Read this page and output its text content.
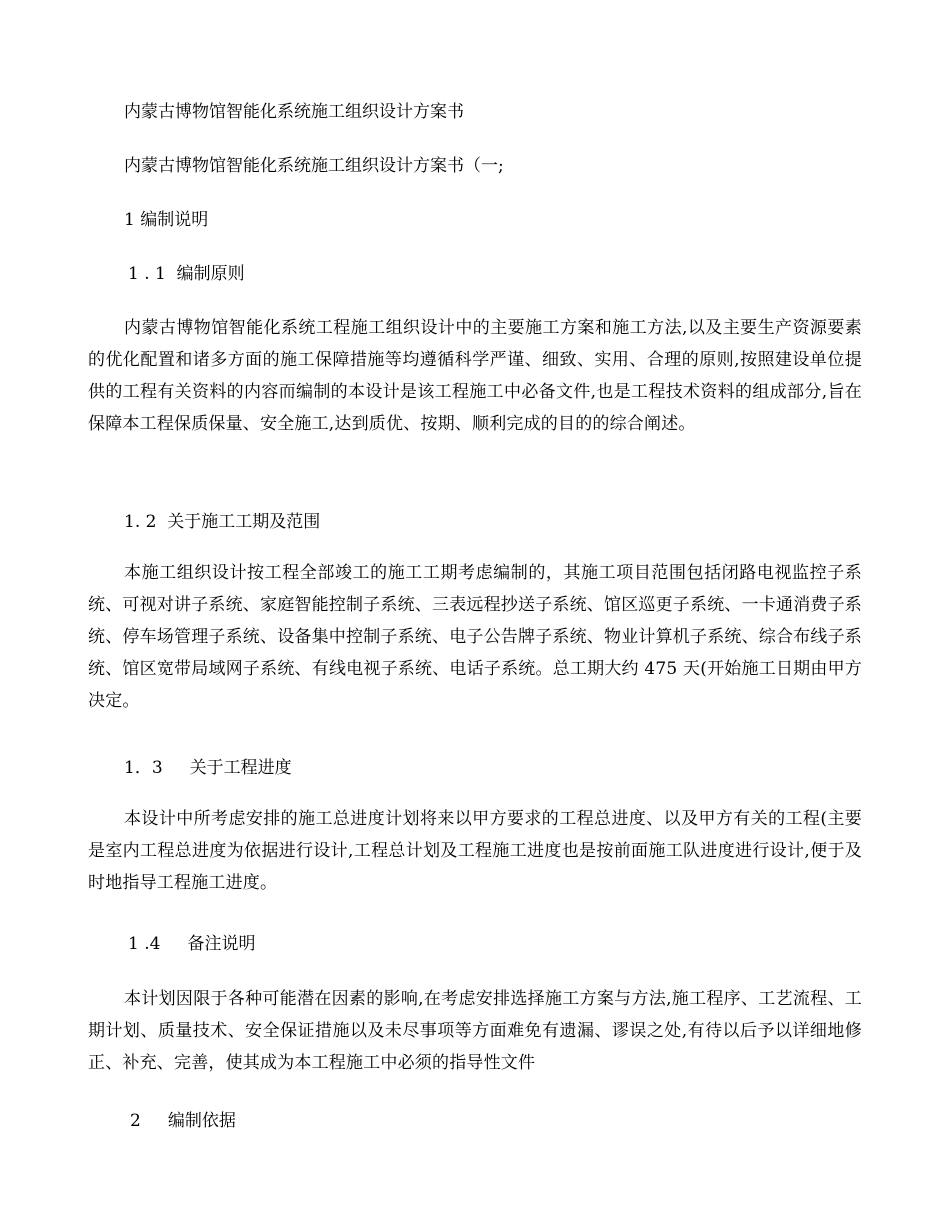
内蒙古博物馆智能化系统施工组织设计方案书

内蒙古博物馆智能化系统施工组织设计方案书（一;

1 编制说明

1 . 1  编制原则

内蒙古博物馆智能化系统工程施工组织设计中的主要施工方案和施工方法,以及主要生产资源要素的优化配置和诸多方面的施工保障措施等均遵循科学严谨、细致、实用、合理的原则,按照建设单位提供的工程有关资料的内容而编制的本设计是该工程施工中必备文件,也是工程技术资料的组成部分,旨在保障本工程保质保量、安全施工,达到质优、按期、顺利完成的目的的综合阐述。

1. 2  关于施工工期及范围

本施工组织设计按工程全部竣工的施工工期考虑编制的，其施工项目范围包括闭路电视监控子系统、可视对讲子系统、家庭智能控制子系统、三表远程抄送子系统、馆区巡更子系统、一卡通消费子系统、停车场管理子系统、设备集中控制子系统、电子公告牌子系统、物业计算机子系统、综合布线子系统、馆区宽带局域网子系统、有线电视子系统、电话子系统。总工期大约 475 天(开始施工日期由甲方决定。

1．3     关于工程进度

本设计中所考虑安排的施工总进度计划将来以甲方要求的工程总进度、以及甲方有关的工程(主要是室内工程总进度为依据进行设计,工程总计划及工程施工进度也是按前面施工队进度进行设计,便于及时地指导工程施工进度。

1 .4     备注说明

本计划因限于各种可能潜在因素的影响,在考虑安排选择施工方案与方法,施工程序、工艺流程、工期计划、质量技术、安全保证措施以及未尽事项等方面难免有遗漏、谬误之处,有待以后予以详细地修正、补充、完善，使其成为本工程施工中必须的指导性文件

2     编制依据
